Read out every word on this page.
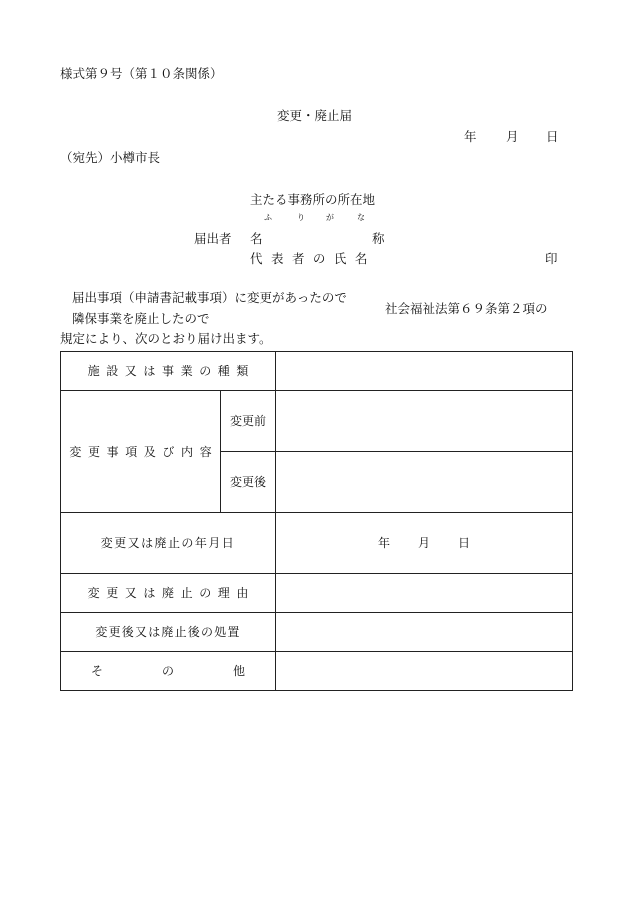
様式第９号（第１０条関係）
変更・廃止届
年 月 日
（宛先）小樽市長
主たる事務所の所在地
ふ	り	が	な
届出者 名	称
代 表 者 の 氏 名	印
届出事項（申請書記載事項）に変更があったので
隣保事業を廃止したので
社会福祉法第６９条第２項の
規定により、次のとおり届け出ます。
施設又は事業の種類		
変更事項及び内容	変更前	
	変更後	
変更又は廃止の年月日		年 月 日
変更又は廃止の理由		
変更後又は廃止後の処置		

そ の 他		
